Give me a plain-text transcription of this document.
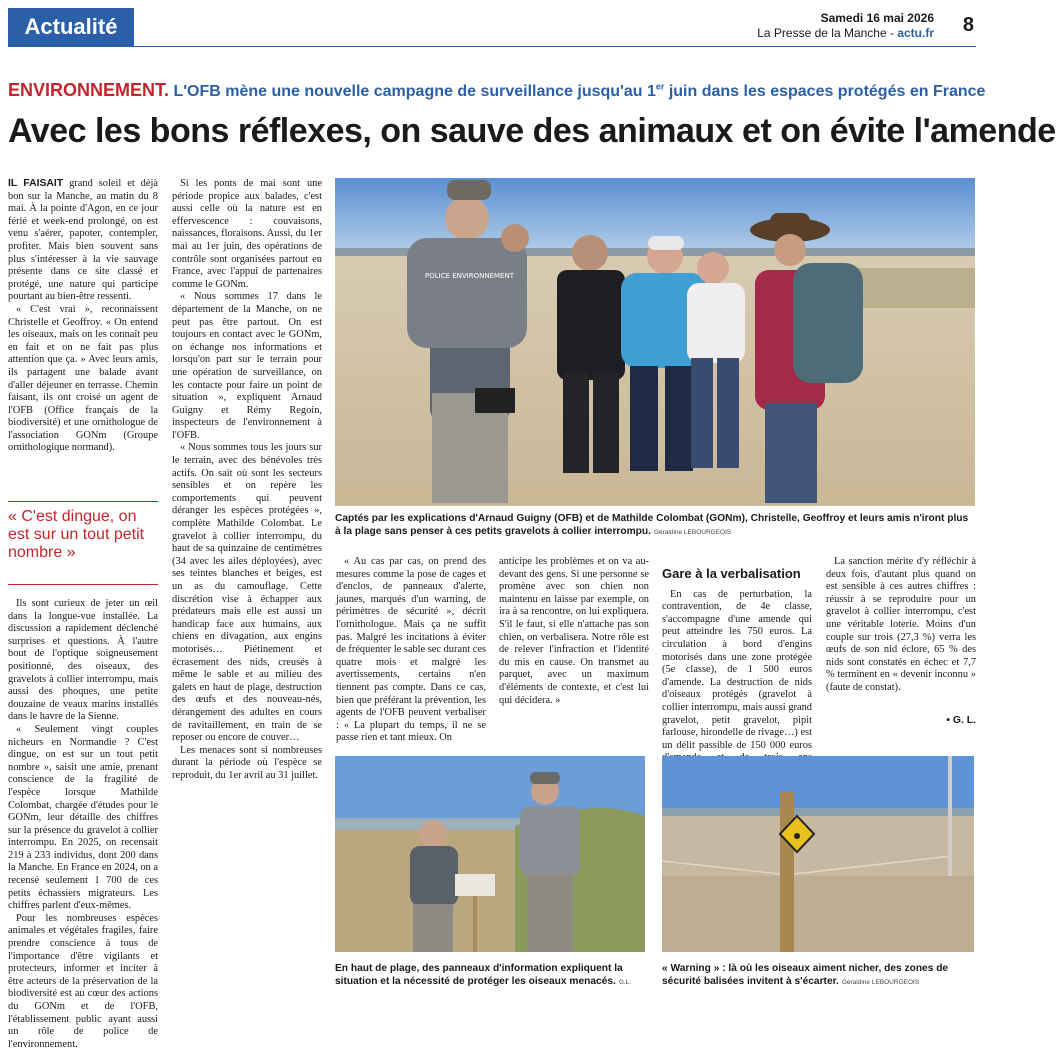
Actualité	Samedi 16 mai 2026
La Presse de la Manche - actu.fr 8
ENVIRONNEMENT. L'OFB mène une nouvelle campagne de surveillance jusqu'au 1er juin dans les espaces protégés en France
Avec les bons réflexes, on sauve des animaux et on évite l'amende

IL FAISAIT grand soleil et déjà bon sur la Manche, au matin du 8 mai. À la pointe d'Agon, en ce jour férié et week-end prolongé, on est venu s'aérer, papoter, contempler, profiter. Mais bien souvent sans plus s'intéresser à la vie sauvage présente dans ce site classé et protégé, une nature qui participe pourtant au bien-être ressenti.

« C'est vrai », reconnaissent Christelle et Geoffroy. « On entend les oiseaux, mais on les connaît peu en fait et on ne fait pas plus attention que ça. » Avec leurs amis, ils partagent une balade avant d'aller déjeuner en terrasse. Chemin faisant, ils ont croisé un agent de l'OFB (Office français de la biodiversité) et une ornithologue de l'association GONm (Groupe ornithologique normand).

« C'est dingue, on est sur un tout petit nombre »

Ils sont curieux de jeter un œil dans la longue-vue installée. La discussion a rapidement déclenché surprises et questions. À l'autre bout de l'optique soigneusement positionné, des oiseaux, des gravelots à collier interrompu, mais aussi des phoques, une petite douzaine de veaux marins installés dans le havre de la Sienne.

« Seulement vingt couples nicheurs en Normandie ? C'est dingue, on est sur un tout petit nombre », saisit une amie, prenant conscience de la fragilité de l'espèce lorsque Mathilde Colombat, chargée d'études pour le GONm, leur détaille des chiffres sur la présence du gravelot à collier interrompu. En 2025, on recensait 219 à 233 individus, dont 200 dans la Manche. En France en 2024, on a recensé seulement 1 700 de ces petits échassiers migrateurs. Les chiffres parlent d'eux-mêmes.

Pour les nombreuses espèces animales et végétales fragiles, faire prendre conscience à tous de l'importance d'être vigilants et protecteurs, informer et inciter à être acteurs de la préservation de la biodiversité est au cœur des actions du GONm et de l'OFB, l'établissement public ayant aussi un rôle de police de l'environnement.

Si les ponts de mai sont une période propice aux balades, c'est aussi celle où la nature est en effervescence : couvaisons, naissances, floraisons. Aussi, du 1er mai au 1er juin, des opérations de contrôle sont organisées partout en France, avec l'appui de partenaires comme le GONm.

« Nous sommes 17 dans le département de la Manche, on ne peut pas être partout. On est toujours en contact avec le GONm, on échange nos informations et lorsqu'on part sur le terrain pour une opération de surveillance, on les contacte pour faire un point de situation », expliquent Arnaud Guigny et Rémy Regoin, inspecteurs de l'environnement à l'OFB.

« Nous sommes tous les jours sur le terrain, avec des bénévoles très actifs. On sait où sont les secteurs sensibles et on repère les comportements qui peuvent déranger les espèces protégées », complète Mathilde Colombat. Le gravelot à collier interrompu, du haut de sa quinzaine de centimètres (34 avec les ailes déployées), avec ses teintes blanches et beiges, est un as du camouflage. Cette discrétion vise à échapper aux prédateurs mais elle est aussi un handicap face aux humains, aux chiens en divagation, aux engins motorisés… Piétinement et écrasement des nids, creusés à même le sable et au milieu des galets en haut de plage, destruction des œufs et des nouveau-nés, dérangement des adultes en cours de ravitaillement, en train de se reposer ou encore de couver…

Les menaces sont si nombreuses durant la période où l'espèce se reproduit, du 1er avril au 31 juillet.

POLICE ENVIRONNEMENT
Captés par les explications d'Arnaud Guigny (OFB) et de Mathilde Colombat (GONm), Christelle, Geoffroy et leurs amis n'iront plus à la plage sans penser à ces petits gravelots à collier interrompu. Géraldine LEBOURGEOIS

« Au cas par cas, on prend des mesures comme la pose de cages et d'enclos, de panneaux d'alerte, jaunes, marqués d'un warning, de périmètres de sécurité », décrit l'ornithologue. Mais ça ne suffit pas. Malgré les incitations à éviter de fréquenter le sable sec durant ces quatre mois et malgré les avertissements, certains n'en tiennent pas compte. Dans ce cas, bien que préférant la prévention, les agents de l'OFB peuvent verbaliser : « La plupart du temps, il ne se passe rien et tant mieux. On

anticipe les problèmes et on va au-devant des gens. Si une personne se promène avec son chien non maintenu en laisse par exemple, on ira à sa rencontre, on lui expliquera. S'il le faut, si elle n'attache pas son chien, on verbalisera. Notre rôle est de relever l'infraction et l'identité du mis en cause. On transmet au parquet, avec un maximum d'éléments de contexte, et c'est lui qui décidera. »

Gare à la verbalisation

En cas de perturbation, la contravention, de 4e classe, s'accompagne d'une amende qui peut atteindre les 750 euros. La circulation à bord d'engins motorisés dans une zone protégée (5e classe), de 1 500 euros d'amende. La destruction de nids d'oiseaux protégés (gravelot à collier interrompu, mais aussi grand gravelot, petit gravelot, pipit farlouse, hirondelle de rivage…) est un délit passible de 150 000 euros

La sanction mérite d'y réfléchir à deux fois, d'autant plus quand on est sensible à ces autres chiffres : réussir à se reproduire pour un gravelot à collier interrompu, c'est une véritable loterie. Moins d'un couple sur trois (27,3 %) verra les œufs de son nid éclore, 65 % des nids sont constatés en échec et 7,7 % terminent en « devenir inconnu » (faute de constat).

• G. L.

En haut de plage, des panneaux d'information expliquent la situation et la nécessité de protéger les oiseaux menacés. G.L.
« Warning » : là où les oiseaux aiment nicher, des zones de sécurité balisées invitent à s'écarter. Géraldine LEBOURGEOIS
